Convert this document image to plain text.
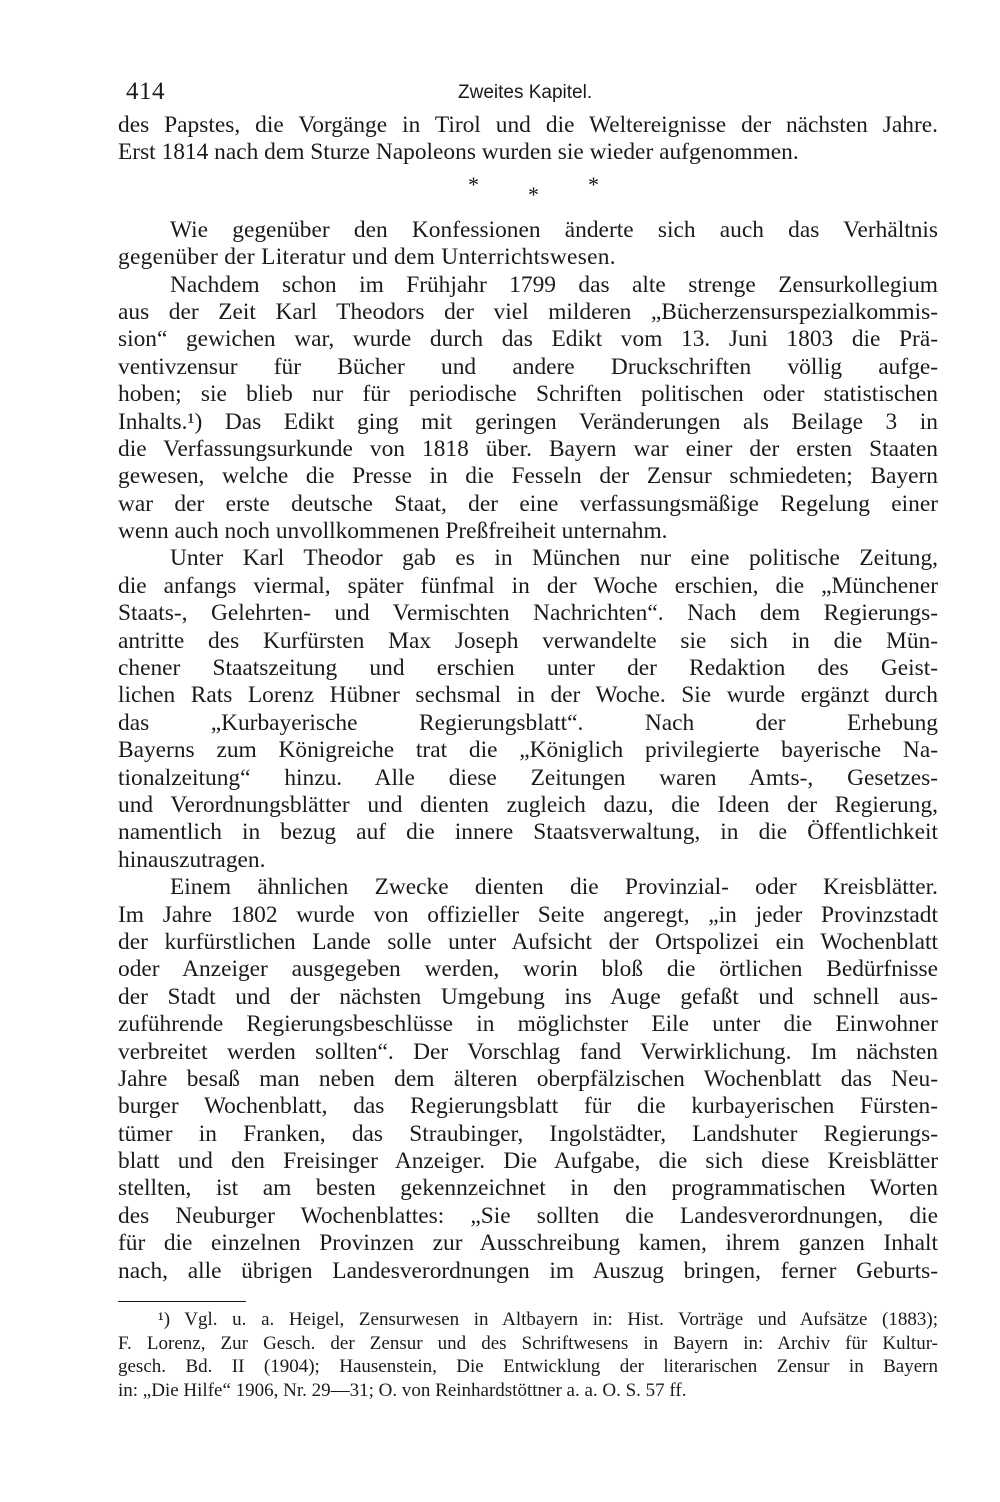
414	Zweites Kapitel.
des Papstes, die Vorgänge in Tirol und die Weltereignisse der nächsten Jahre.
Erst 1814 nach dem Sturze Napoleons wurden sie wieder aufgenommen.
* * *
Wie gegenüber den Konfessionen änderte sich auch das Verhältnis
gegenüber der Literatur und dem Unterrichtswesen.
Nachdem schon im Frühjahr 1799 das alte strenge Zensurkollegium
aus der Zeit Karl Theodors der viel milderen „Bücherzensurspezialkommis-
sion“ gewichen war, wurde durch das Edikt vom 13. Juni 1803 die Prä-
ventivzensur für Bücher und andere Druckschriften völlig aufge-
hoben; sie blieb nur für periodische Schriften politischen oder statistischen
Inhalts.¹) Das Edikt ging mit geringen Veränderungen als Beilage 3 in
die Verfassungsurkunde von 1818 über. Bayern war einer der ersten Staaten
gewesen, welche die Presse in die Fesseln der Zensur schmiedeten; Bayern
war der erste deutsche Staat, der eine verfassungsmäßige Regelung einer
wenn auch noch unvollkommenen Preßfreiheit unternahm.
Unter Karl Theodor gab es in München nur eine politische Zeitung,
die anfangs viermal, später fünfmal in der Woche erschien, die „Münchener
Staats-, Gelehrten- und Vermischten Nachrichten“. Nach dem Regierungs-
antritte des Kurfürsten Max Joseph verwandelte sie sich in die Mün-
chener Staatszeitung und erschien unter der Redaktion des Geist-
lichen Rats Lorenz Hübner sechsmal in der Woche. Sie wurde ergänzt durch
das „Kurbayerische Regierungsblatt“. Nach der Erhebung
Bayerns zum Königreiche trat die „Königlich privilegierte bayerische Na-
tionalzeitung“ hinzu. Alle diese Zeitungen waren Amts-, Gesetzes-
und Verordnungsblätter und dienten zugleich dazu, die Ideen der Regierung,
namentlich in bezug auf die innere Staatsverwaltung, in die Öffentlichkeit
hinauszutragen.
Einem ähnlichen Zwecke dienten die Provinzial- oder Kreisblätter.
Im Jahre 1802 wurde von offizieller Seite angeregt, „in jeder Provinzstadt
der kurfürstlichen Lande solle unter Aufsicht der Ortspolizei ein Wochenblatt
oder Anzeiger ausgegeben werden, worin bloß die örtlichen Bedürfnisse
der Stadt und der nächsten Umgebung ins Auge gefaßt und schnell aus-
zuführende Regierungsbeschlüsse in möglichster Eile unter die Einwohner
verbreitet werden sollten“. Der Vorschlag fand Verwirklichung. Im nächsten
Jahre besaß man neben dem älteren oberpfälzischen Wochenblatt das Neu-
burger Wochenblatt, das Regierungsblatt für die kurbayerischen Fürsten-
tümer in Franken, das Straubinger, Ingolstädter, Landshuter Regierungs-
blatt und den Freisinger Anzeiger. Die Aufgabe, die sich diese Kreisblätter
stellten, ist am besten gekennzeichnet in den programmatischen Worten
des Neuburger Wochenblattes: „Sie sollten die Landesverordnungen, die
für die einzelnen Provinzen zur Ausschreibung kamen, ihrem ganzen Inhalt
nach, alle übrigen Landesverordnungen im Auszug bringen, ferner Geburts-
¹) Vgl. u. a. Heigel, Zensurwesen in Altbayern in: Hist. Vorträge und Aufsätze (1883);
F. Lorenz, Zur Gesch. der Zensur und des Schriftwesens in Bayern in: Archiv für Kultur-
gesch. Bd. II (1904); Hausenstein, Die Entwicklung der literarischen Zensur in Bayern
in: „Die Hilfe“ 1906, Nr. 29—31; O. von Reinhardstöttner a. a. O. S. 57 ff.
